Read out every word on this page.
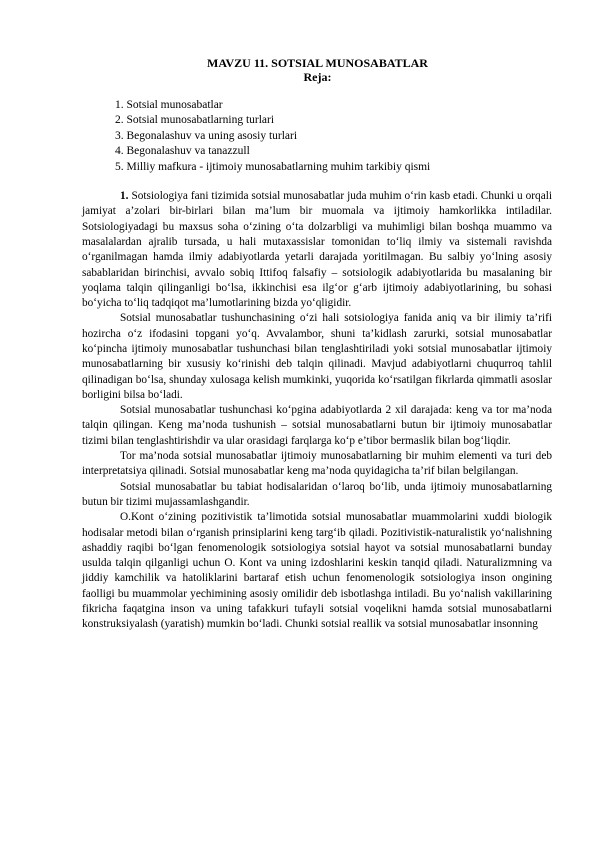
MAVZU 11. SOTSIAL MUNOSABATLAR

Reja:

1. Sotsial munosabatlar
2. Sotsial munosabatlarning turlari
3. Begonalashuv va uning asosiy turlari
4. Begonalashuv va tanazzull
5. Milliy mafkura - ijtimoiy munosabatlarning muhim tarkibiy qismi

1. Sotsiologiya fani tizimida sotsial munosabatlar juda muhim o‘rin kasb etadi. Chunki u orqali jamiyat a’zolari bir-birlari bilan ma’lum bir muomala va ijtimoiy hamkorlikka intiladilar. Sotsiologiyadagi bu maxsus soha o‘zining o‘ta dolzarbligi va muhimligi bilan boshqa muammo va masalalardan ajralib tursada, u hali mutaxassislar tomonidan to‘liq ilmiy va sistemali ravishda o‘rganilmagan hamda ilmiy adabiyotlarda yetarli darajada yoritilmagan. Bu salbiy yo‘lning asosiy sabablaridan birinchisi, avvalo sobiq Ittifoq falsafiy – sotsiologik adabiyotlarida bu masalaning bir yoqlama talqin qilinganligi bo‘lsa, ikkinchisi esa ilg‘or g‘arb ijtimoiy adabiyotlarining, bu sohasi bo‘yicha to‘liq tadqiqot ma’lumotlarining bizda yo‘qligidir.

Sotsial munosabatlar tushunchasining o‘zi hali sotsiologiya fanida aniq va bir ilimiy ta’rifi hozircha o‘z ifodasini topgani yo‘q. Avvalambor, shuni ta’kidlash zarurki, sotsial munosabatlar ko‘pincha ijtimoiy munosabatlar tushunchasi bilan tenglashtiriladi yoki sotsial munosabatlar ijtimoiy munosabatlarning bir xususiy ko‘rinishi deb talqin qilinadi. Mavjud adabiyotlarni chuqurroq tahlil qilinadigan bo‘lsa, shunday xulosaga kelish mumkinki, yuqorida ko‘rsatilgan fikrlarda qimmatli asoslar borligini bilsa bo‘ladi.

Sotsial munosabatlar tushunchasi ko‘pgina adabiyotlarda 2 xil darajada: keng va tor ma’noda talqin qilingan. Keng ma’noda tushunish – sotsial munosabatlarni butun bir ijtimoiy munosabatlar tizimi bilan tenglashtirishdir va ular orasidagi farqlarga ko‘p e’tibor bermaslik bilan bog‘liqdir.

Tor ma’noda sotsial munosabatlar ijtimoiy munosabatlarning bir muhim elementi va turi deb interpretatsiya qilinadi. Sotsial munosabatlar keng ma’noda quyidagicha ta’rif bilan belgilangan.

Sotsial munosabatlar bu tabiat hodisalaridan o‘laroq bo‘lib, unda ijtimoiy munosabatlarning butun bir tizimi mujassamlashgandir.

O.Kont o‘zining pozitivistik ta’limotida sotsial munosabatlar muammolarini xuddi biologik hodisalar metodi bilan o‘rganish prinsiplarini keng targ‘ib qiladi. Pozitivistik-naturalistik yo‘nalishning ashaddiy raqibi bo‘lgan fenomenologik sotsiologiya sotsial hayot va sotsial munosabatlarni bunday usulda talqin qilganligi uchun O. Kont va uning izdoshlarini keskin tanqid qiladi. Naturalizmning va jiddiy kamchilik va hatoliklarini bartaraf etish uchun fenomenologik sotsiologiya inson ongining faolligi bu muammolar yechimining asosiy omilidir deb isbotlashga intiladi. Bu yo‘nalish vakillarining fikricha faqatgina inson va uning tafakkuri tufayli sotsial voqelikni hamda sotsial munosabatlarni konstruksiyalash (yaratish) mumkin bo‘ladi. Chunki sotsial reallik va sotsial munosabatlar insonning
